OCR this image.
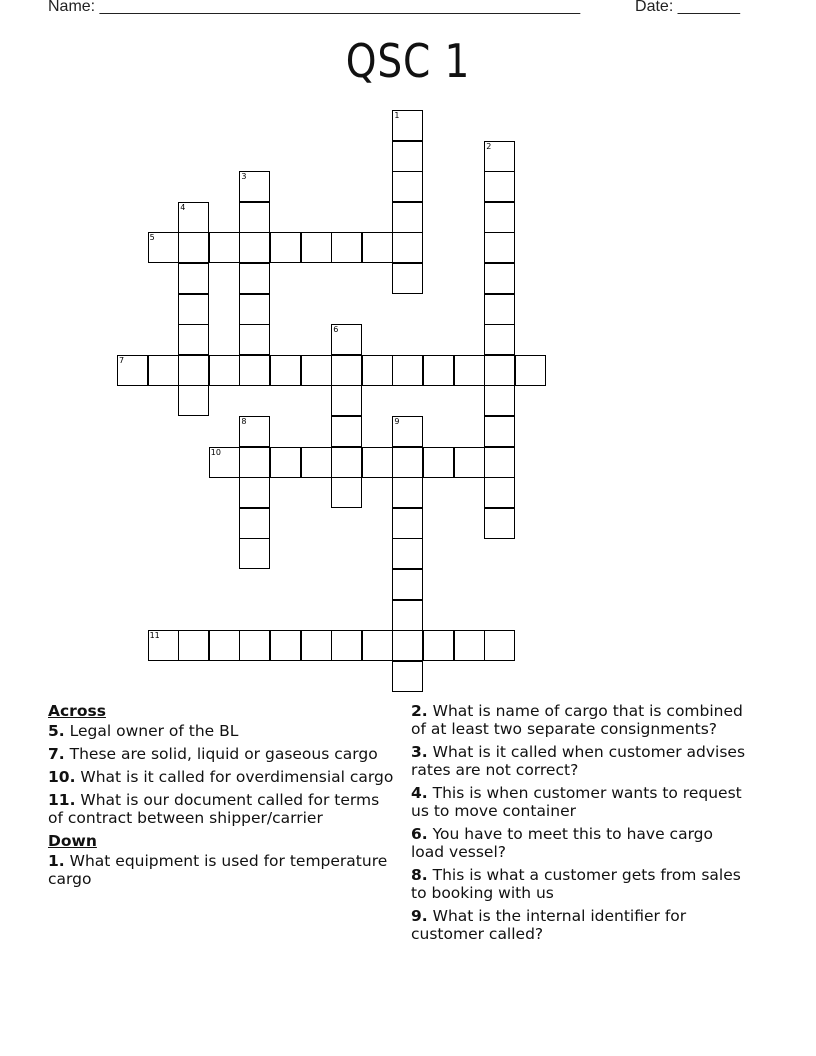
Name: ______________________________________________________	Date: _______
QSC 1
1
2
3
4
5
6
7
8	9
10
11
Across
5. Legal owner of the BL
7. These are solid, liquid or gaseous cargo
10. What is it called for overdimensial cargo
11. What is our document called for terms of contract between shipper/carrier
Down
1. What equipment is used for temperature cargo
2. What is name of cargo that is combined of at least two separate consignments?
3. What is it called when customer advises rates are not correct?
4. This is when customer wants to request us to move container
6. You have to meet this to have cargo load vessel?
8. This is what a customer gets from sales to booking with us
9. What is the internal identifier for customer called?
